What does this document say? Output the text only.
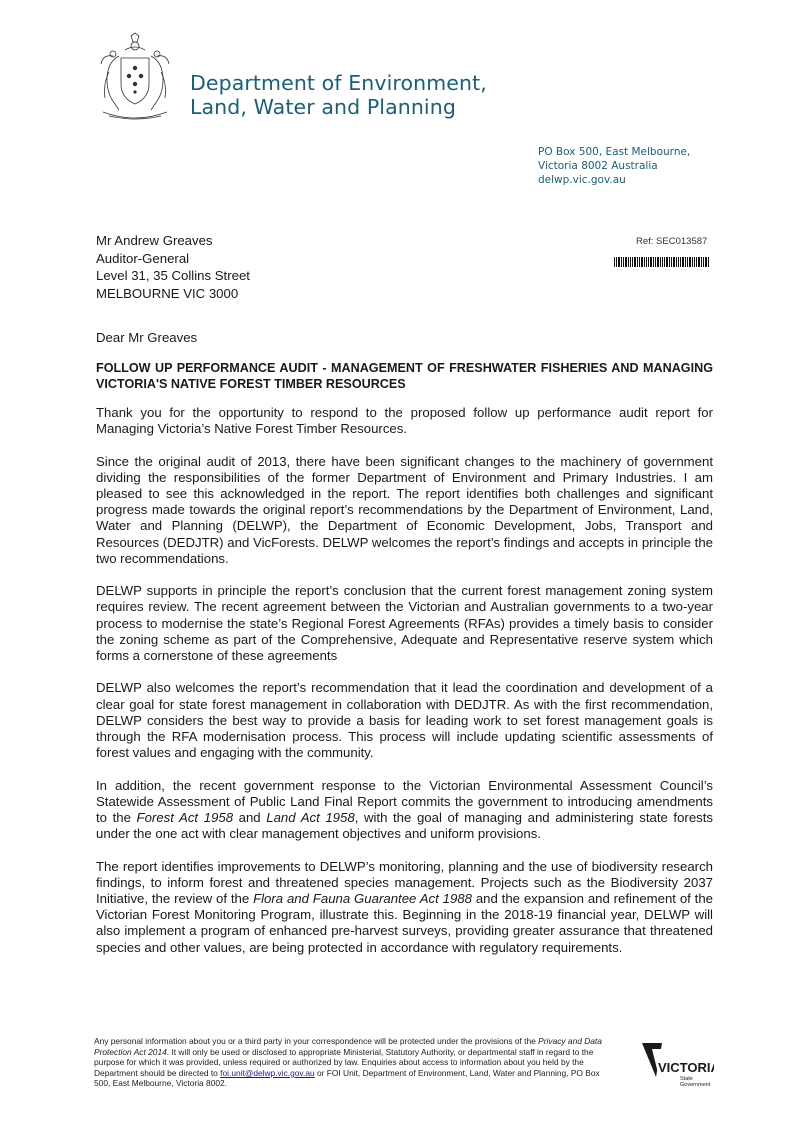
Department of Environment,
Land, Water and Planning
PO Box 500, East Melbourne,
Victoria 8002 Australia
delwp.vic.gov.au
Mr Andrew Greaves
Auditor-General
Level 31, 35 Collins Street
MELBOURNE VIC 3000
Ref: SEC013587
Dear Mr Greaves
FOLLOW UP PERFORMANCE AUDIT - MANAGEMENT OF FRESHWATER FISHERIES AND MANAGING VICTORIA'S NATIVE FOREST TIMBER RESOURCES

Thank you for the opportunity to respond to the proposed follow up performance audit report for Managing Victoria’s Native Forest Timber Resources.

Since the original audit of 2013, there have been significant changes to the machinery of government dividing the responsibilities of the former Department of Environment and Primary Industries. I am pleased to see this acknowledged in the report. The report identifies both challenges and significant progress made towards the original report’s recommendations by the Department of Environment, Land, Water and Planning (DELWP), the Department of Economic Development, Jobs, Transport and Resources (DEDJTR) and VicForests. DELWP welcomes the report’s findings and accepts in principle the two recommendations.

DELWP supports in principle the report’s conclusion that the current forest management zoning system requires review. The recent agreement between the Victorian and Australian governments to a two-year process to modernise the state’s Regional Forest Agreements (RFAs) provides a timely basis to consider the zoning scheme as part of the Comprehensive, Adequate and Representative reserve system which forms a cornerstone of these agreements

DELWP also welcomes the report’s recommendation that it lead the coordination and development of a clear goal for state forest management in collaboration with DEDJTR. As with the first recommendation, DELWP considers the best way to provide a basis for leading work to set forest management goals is through the RFA modernisation process. This process will include updating scientific assessments of forest values and engaging with the community.

In addition, the recent government response to the Victorian Environmental Assessment Council’s Statewide Assessment of Public Land Final Report commits the government to introducing amendments to the Forest Act 1958 and Land Act 1958, with the goal of managing and administering state forests under the one act with clear management objectives and uniform provisions.

The report identifies improvements to DELWP’s monitoring, planning and the use of biodiversity research findings, to inform forest and threatened species management. Projects such as the Biodiversity 2037 Initiative, the review of the Flora and Fauna Guarantee Act 1988 and the expansion and refinement of the Victorian Forest Monitoring Program, illustrate this. Beginning in the 2018-19 financial year, DELWP will also implement a program of enhanced pre-harvest surveys, providing greater assurance that threatened species and other values, are being protected in accordance with regulatory requirements.

Any personal information about you or a third party in your correspondence will be protected under the provisions of the Privacy and Data Protection Act 2014. It will only be used or disclosed to appropriate Ministerial, Statutory Authority, or departmental staff in regard to the purpose for which it was provided, unless required or authorized by law. Enquiries about access to information about you held by the Department should be directed to foi.unit@delwp.vic.gov.au or FOI Unit, Department of Environment, Land, Water and Planning, PO Box 500, East Melbourne, Victoria 8002.
VICTORIA
State
Government
